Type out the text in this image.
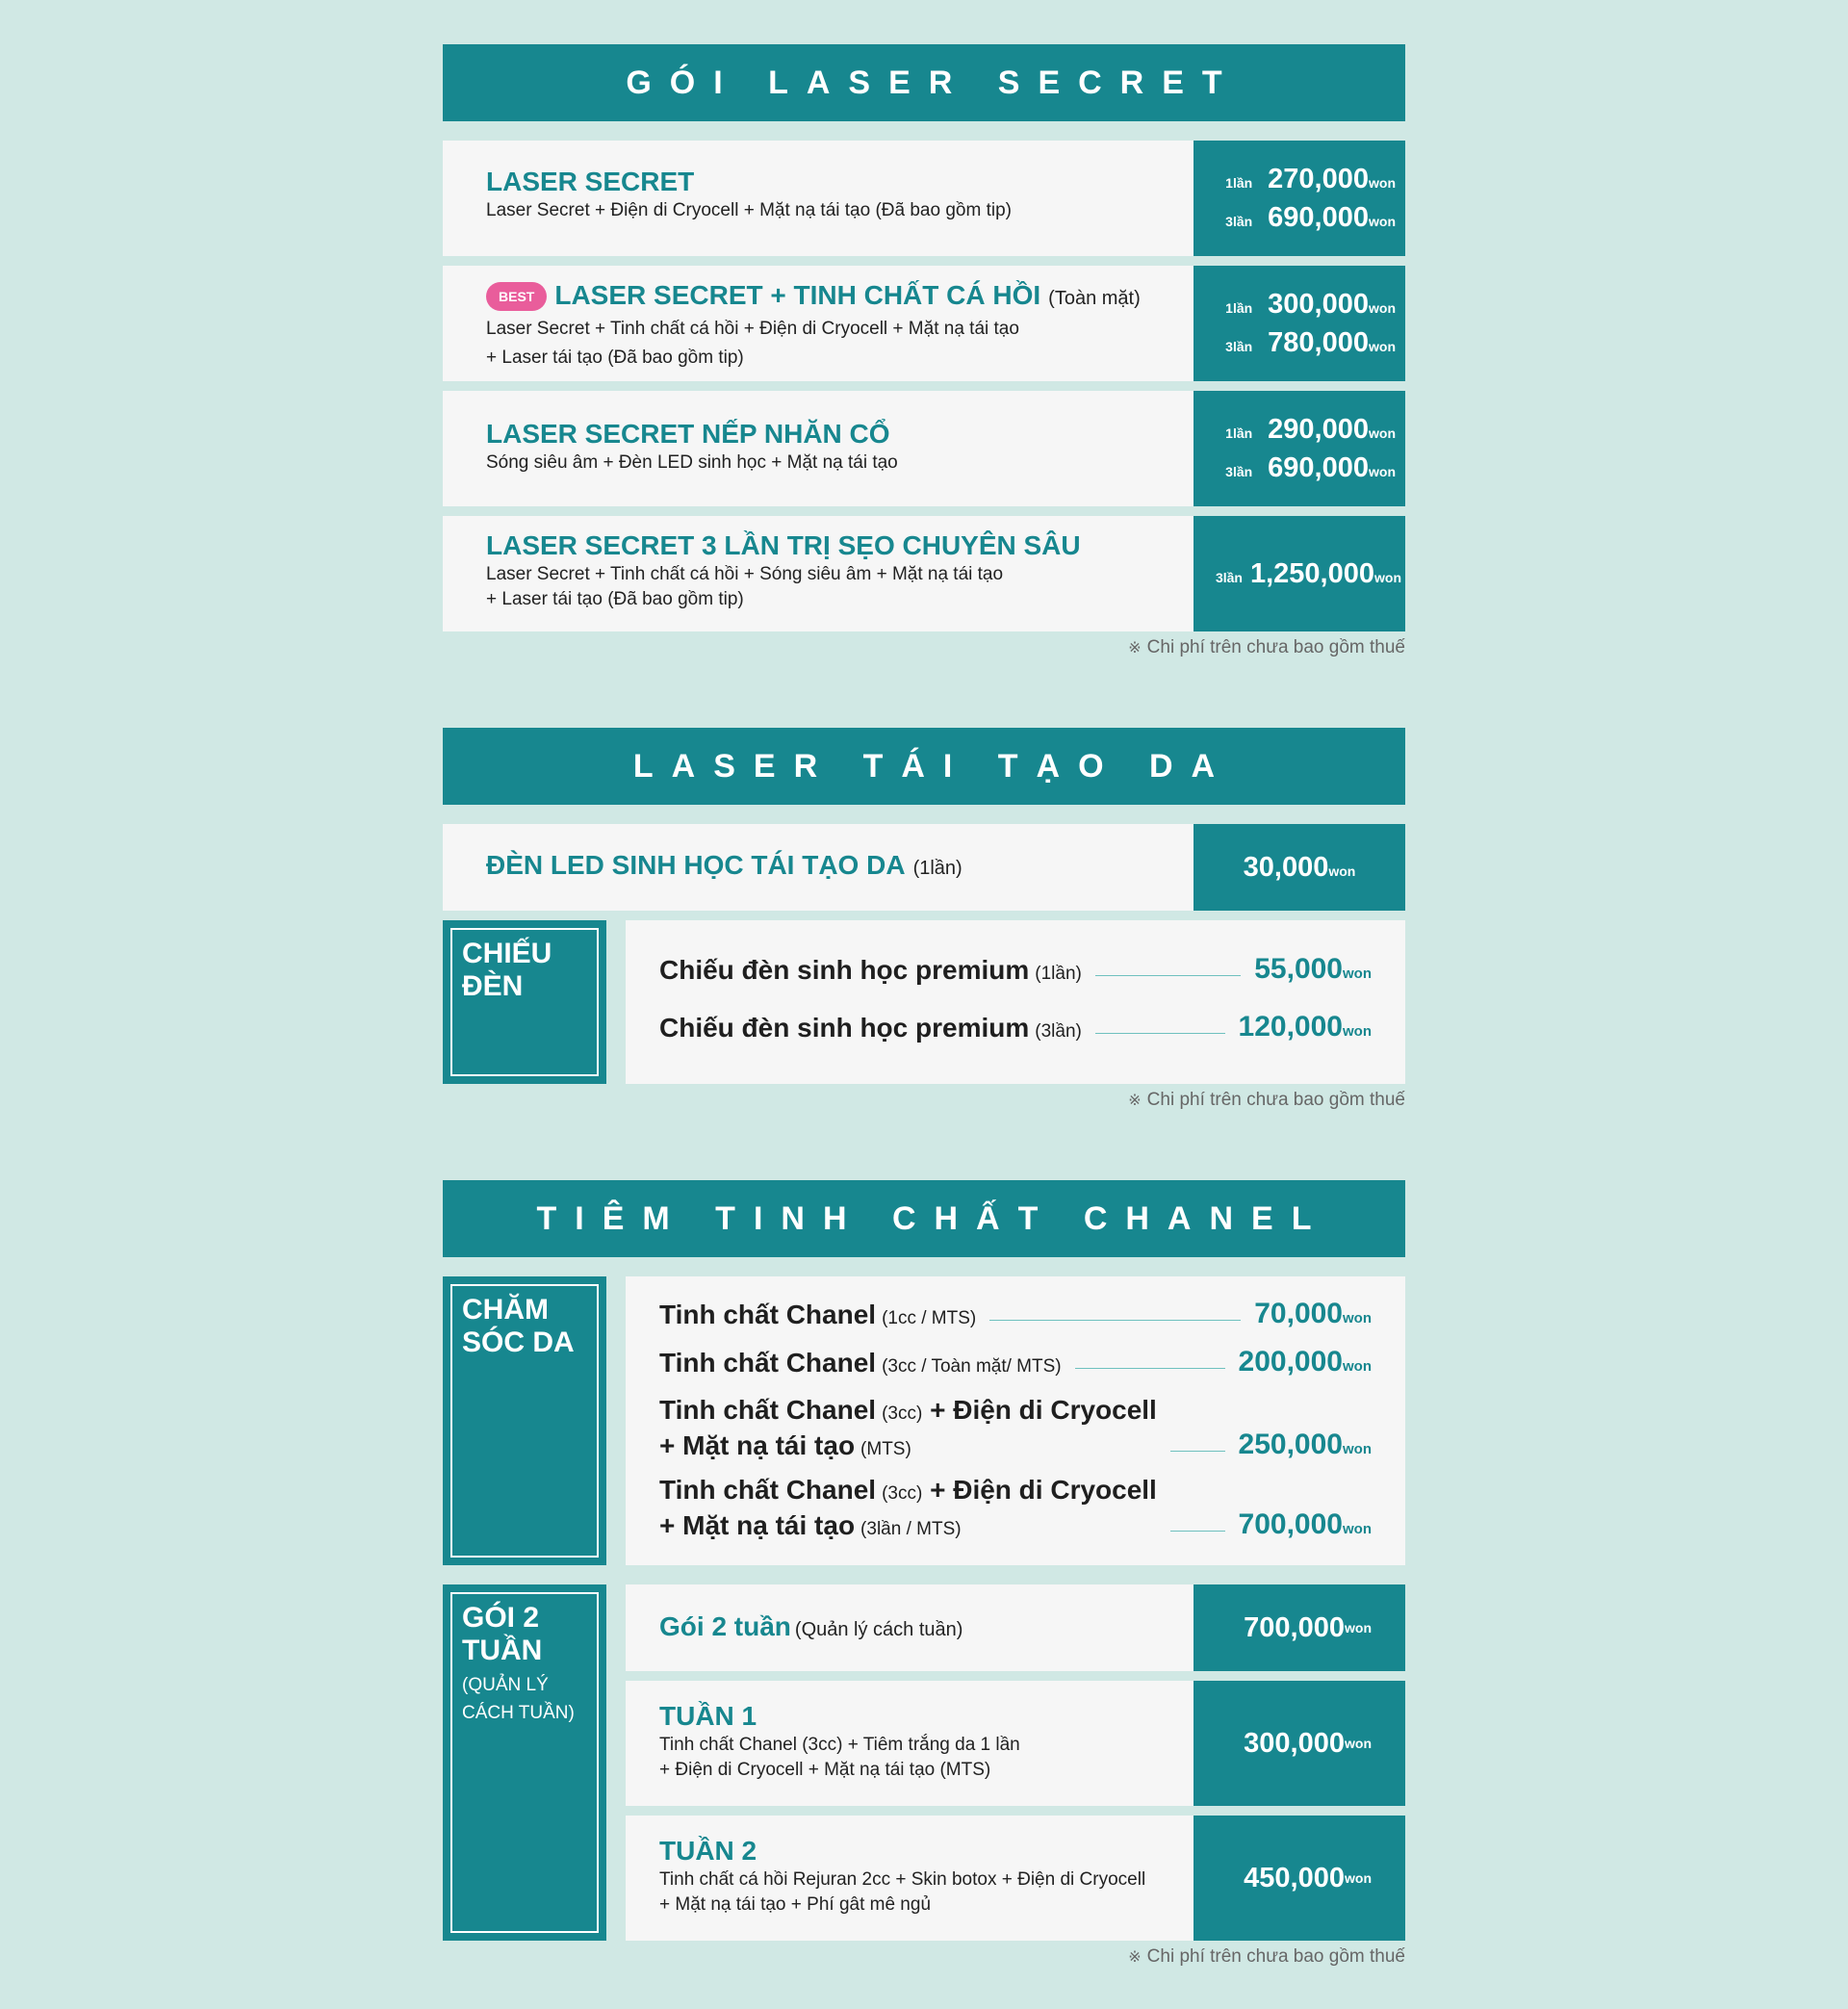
GÓI LASER SECRET
LASER SECRET
Laser Secret + Điện di Cryocell + Mặt nạ tái tạo (Đã bao gồm tip)
1lần 270,000 won
3lần 690,000 won
BEST LASER SECRET + TINH CHẤT CÁ HỒI (Toàn mặt)
Laser Secret + Tinh chất cá hồi + Điện di Cryocell + Mặt nạ tái tạo
+ Laser tái tạo (Đã bao gồm tip)
1lần 300,000 won
3lần 780,000 won
LASER SECRET NẾP NHĂN CỔ
Sóng siêu âm + Đèn LED sinh học + Mặt nạ tái tạo
1lần 290,000 won
3lần 690,000 won
LASER SECRET 3 LẦN TRỊ SẸO CHUYÊN SÂU
Laser Secret + Tinh chất cá hồi + Sóng siêu âm + Mặt nạ tái tạo
+ Laser tái tạo (Đã bao gồm tip)
3lần 1,250,000 won
※ Chi phí trên chưa bao gồm thuế
LASER TÁI TẠO DA
ĐÈN LED SINH HỌC TÁI TẠO DA (1lần)	30,000 won
CHIẾU
ĐÈN
Chiếu đèn sinh học premium (1lần)	55,000won
Chiếu đèn sinh học premium (3lần)	120,000won
※ Chi phí trên chưa bao gồm thuế
TIÊM TINH CHẤT CHANEL
CHĂM
SÓC DA
Tinh chất Chanel (1cc / MTS)	70,000won
Tinh chất Chanel (3cc / Toàn mặt/ MTS)	200,000won
Tinh chất Chanel (3cc) + Điện di Cryocell
+ Mặt nạ tái tạo (MTS)	250,000won
Tinh chất Chanel (3cc) + Điện di Cryocell
+ Mặt nạ tái tạo (3lần / MTS)	700,000won
GÓI 2
TUẦN
(QUẢN LÝ
CÁCH TUẦN)
Gói 2 tuần (Quản lý cách tuần)	700,000 won
TUẦN 1
Tinh chất Chanel (3cc) + Tiêm trắng da 1 lần
+ Điện di Cryocell + Mặt nạ tái tạo (MTS)
300,000 won
TUẦN 2
Tinh chất cá hồi Rejuran 2cc + Skin botox + Điện di Cryocell
+ Mặt nạ tái tạo + Phí gât mê ngủ
450,000 won
※ Chi phí trên chưa bao gồm thuế
